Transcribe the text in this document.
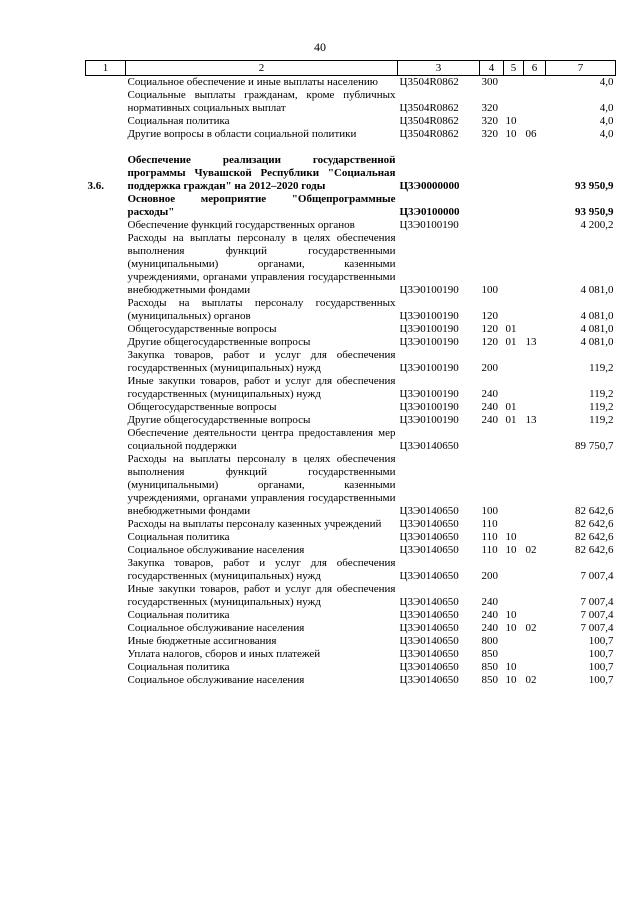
40
1	2	3	4	5	6	7
	Социальное обеспечение и иные выплаты населению	Ц3504R0862	300			4,0
	Социальные выплаты гражданам, кроме публичных нормативных социальных выплат	Ц3504R0862	320			4,0
	Социальная политика	Ц3504R0862	320	10		4,0
	Другие вопросы в области социальной политики	Ц3504R0862	320	10	06	4,0

3.6.	Обеспечение реализации государственной программы Чувашской Республики "Социальная поддержка граждан" на 2012–2020 годы	Ц3Э0000000				93 950,9
	Основное мероприятие "Общепрограммные расходы"	Ц3Э0100000				93 950,9
	Обеспечение функций государственных органов	Ц3Э0100190				4 200,2
	Расходы на выплаты персоналу в целях обеспечения выполнения функций государственными (муниципальными) органами, казенными учреждениями, органами управления государственными внебюджетными фондами	Ц3Э0100190	100			4 081,0
	Расходы на выплаты персоналу государственных (муниципальных) органов	Ц3Э0100190	120			4 081,0
	Общегосударственные вопросы	Ц3Э0100190	120	01		4 081,0
	Другие общегосударственные вопросы	Ц3Э0100190	120	01	13	4 081,0
	Закупка товаров, работ и услуг для обеспечения государственных (муниципальных) нужд	Ц3Э0100190	200			119,2
	Иные закупки товаров, работ и услуг для обеспечения государственных (муниципальных) нужд	Ц3Э0100190	240			119,2
	Общегосударственные вопросы	Ц3Э0100190	240	01		119,2
	Другие общегосударственные вопросы	Ц3Э0100190	240	01	13	119,2
	Обеспечение деятельности центра предоставления мер социальной поддержки	Ц3Э0140650				89 750,7
	Расходы на выплаты персоналу в целях обеспечения выполнения функций государственными (муниципальными) органами, казенными учреждениями, органами управления государственными внебюджетными фондами	Ц3Э0140650	100			82 642,6
	Расходы на выплаты персоналу казенных учреждений	Ц3Э0140650	110			82 642,6
	Социальная политика	Ц3Э0140650	110	10		82 642,6
	Социальное обслуживание населения	Ц3Э0140650	110	10	02	82 642,6
	Закупка товаров, работ и услуг для обеспечения государственных (муниципальных) нужд	Ц3Э0140650	200			7 007,4
	Иные закупки товаров, работ и услуг для обеспечения государственных (муниципальных) нужд	Ц3Э0140650	240			7 007,4
	Социальная политика	Ц3Э0140650	240	10		7 007,4
	Социальное обслуживание населения	Ц3Э0140650	240	10	02	7 007,4
	Иные бюджетные ассигнования	Ц3Э0140650	800			100,7
	Уплата налогов, сборов и иных платежей	Ц3Э0140650	850			100,7
	Социальная политика	Ц3Э0140650	850	10		100,7
	Социальное обслуживание населения	Ц3Э0140650	850	10	02	100,7
